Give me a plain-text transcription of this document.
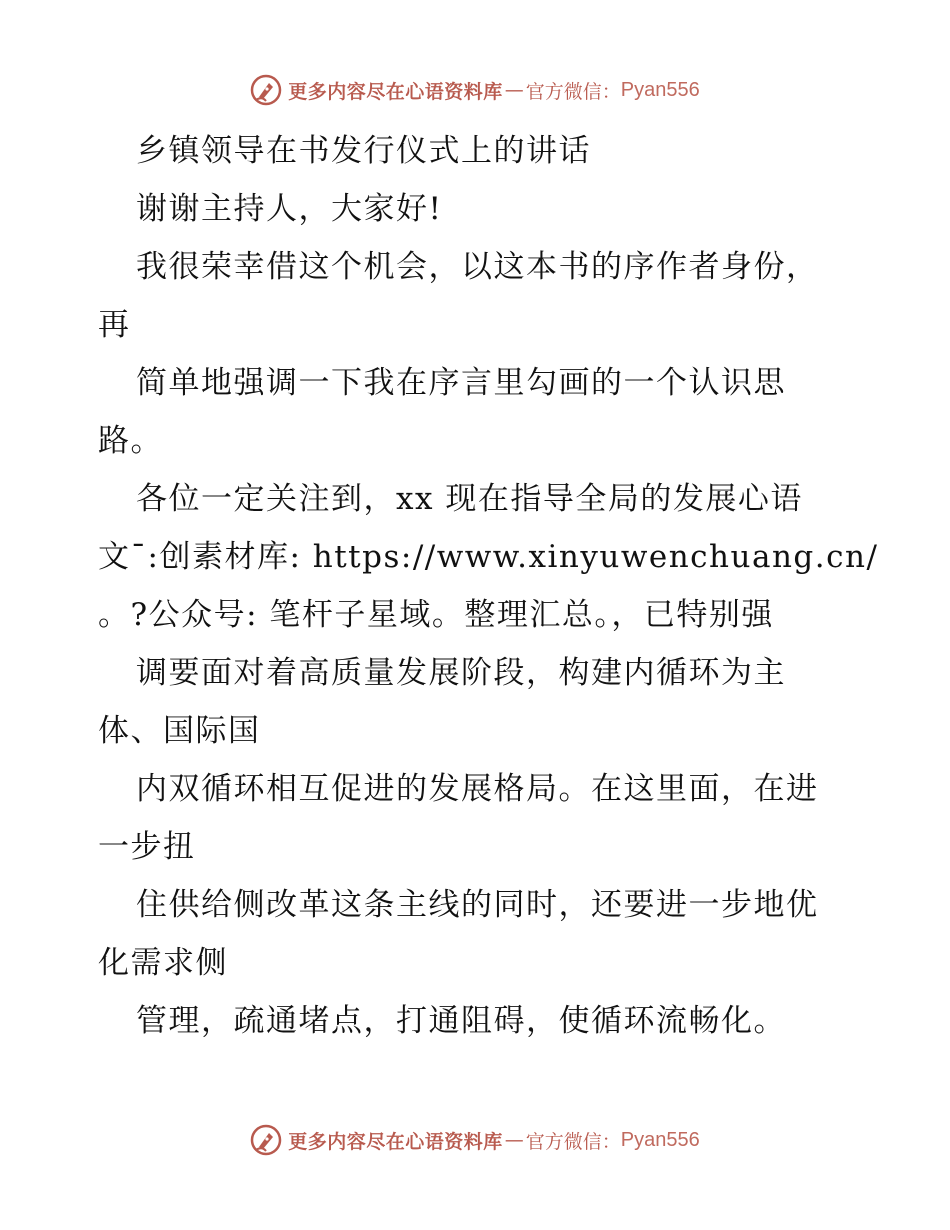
更多内容尽在心语资料库 — 官方微信： Pyan556
乡镇领导在书发行仪式上的讲话
谢谢主持人，大家好!
我很荣幸借这个机会，以这本书的序作者身份，
再
简单地强调一下我在序言里勾画的一个认识思
路。
各位一定关注到，xx 现在指导全局的发展心语
文¯:创素材库: https://www.xinyuwenchuang.cn/
。?公众号: 笔杆子星域。整理汇总。，已特别强
调要面对着高质量发展阶段，构建内循环为主
体、国际国
内双循环相互促进的发展格局。在这里面，在进
一步扭
住供给侧改革这条主线的同时，还要进一步地优
化需求侧
管理，疏通堵点，打通阻碍，使循环流畅化。
更多内容尽在心语资料库 — 官方微信： Pyan556
